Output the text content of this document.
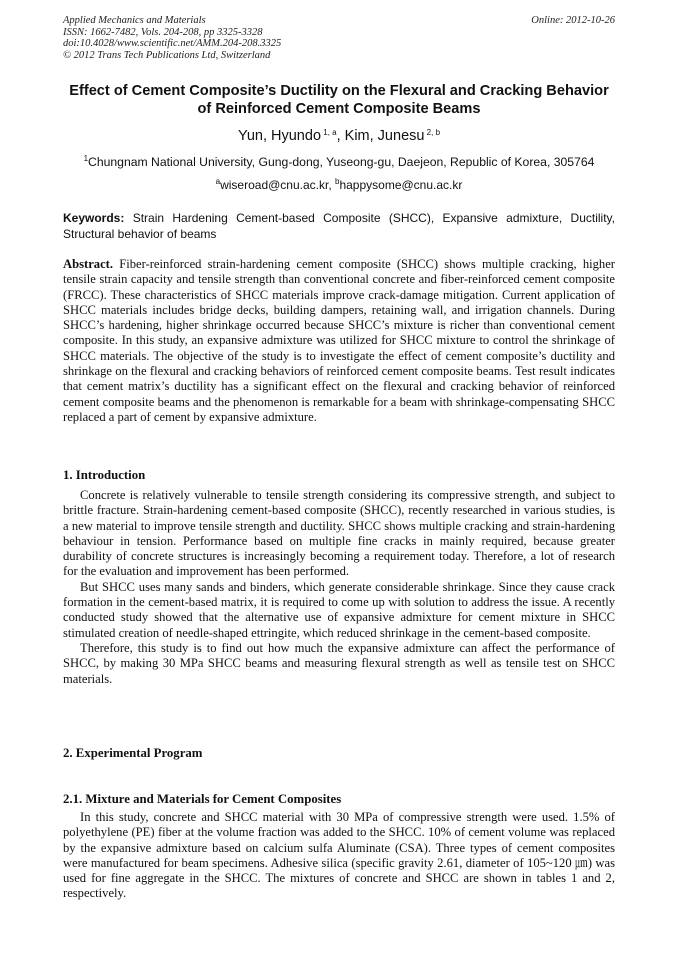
Applied Mechanics and Materials
ISSN: 1662-7482, Vols. 204-208, pp 3325-3328
doi:10.4028/www.scientific.net/AMM.204-208.3325
© 2012 Trans Tech Publications Ltd, Switzerland
Online: 2012-10-26
Effect of Cement Composite’s Ductility on the Flexural and Cracking Behavior of Reinforced Cement Composite Beams
Yun, Hyundo $^{1, a}$, Kim, Junesu $^{2, b}$
$^1$Chungnam National University, Gung-dong, Yuseong-gu, Daejeon, Republic of Korea, 305764
$^a$wiseroad@cnu.ac.kr, $^b$happysome@cnu.ac.kr
Keywords: Strain Hardening Cement-based Composite (SHCC), Expansive admixture, Ductility, Structural behavior of beams
Abstract. Fiber-reinforced strain-hardening cement composite (SHCC) shows multiple cracking, higher tensile strain capacity and tensile strength than conventional concrete and fiber-reinforced cement composite (FRCC). These characteristics of SHCC materials improve crack-damage mitigation. Current application of SHCC materials includes bridge decks, building dampers, retaining wall, and irrigation channels. During SHCC’s hardening, higher shrinkage occurred because SHCC’s mixture is richer than conventional cement composite. In this study, an expansive admixture was utilized for SHCC mixture to control the shrinkage of SHCC materials. The objective of the study is to investigate the effect of cement composite’s ductility and shrinkage on the flexural and cracking behaviors of reinforced cement composite beams. Test result indicates that cement matrix’s ductility has a significant effect on the flexural and cracking behavior of reinforced cement composite beams and the phenomenon is remarkable for a beam with shrinkage-compensating SHCC replaced a part of cement by expansive admixture.
1. Introduction

Concrete is relatively vulnerable to tensile strength considering its compressive strength, and subject to brittle fracture. Strain-hardening cement-based composite (SHCC), recently researched in various studies, is a new material to improve tensile strength and ductility. SHCC shows multiple cracking and strain-hardening behaviour in tension. Performance based on multiple fine cracks in mainly required, because greater durability of concrete structures is increasingly becoming a requirement today. Therefore, a lot of research for the evaluation and improvement has been performed.

But SHCC uses many sands and binders, which generate considerable shrinkage. Since they cause crack formation in the cement-based matrix, it is required to come up with solution to address the issue. A recently conducted study showed that the alternative use of expansive admixture for cement mixture in SHCC stimulated creation of needle-shaped ettringite, which reduced shrinkage in the cement-based composite.

Therefore, this study is to find out how much the expansive admixture can affect the performance of SHCC, by making 30 MPa SHCC beams and measuring flexural strength as well as tensile test on SHCC materials.

2. Experimental Program
2.1. Mixture and Materials for Cement Composites

In this study, concrete and SHCC material with 30 MPa of compressive strength were used. 1.5% of polyethylene (PE) fiber at the volume fraction was added to the SHCC. 10% of cement volume was replaced by the expansive admixture based on calcium sulfa Aluminate (CSA). Three types of cement composites were manufactured for beam specimens. Adhesive silica (specific gravity 2.61, diameter of 105~120 ㎛) was used for fine aggregate in the SHCC. The mixtures of concrete and SHCC are shown in tables 1 and 2, respectively.
